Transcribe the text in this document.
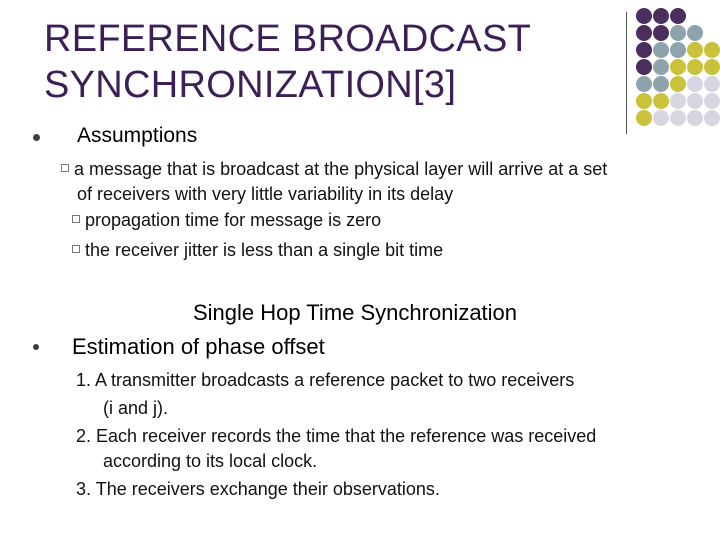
REFERENCE BROADCAST
SYNCHRONIZATION[3]
Assumptions
a message that is broadcast at the physical layer will arrive at a set
of receivers with very little variability in its delay
propagation time for message is zero
the receiver jitter is less than a single bit time
Single Hop Time Synchronization
Estimation of phase offset
1. A transmitter broadcasts a reference packet to two receivers
(i and j).
2. Each receiver records the time that the reference was received
according to its local clock.
3. The receivers exchange their observations.
